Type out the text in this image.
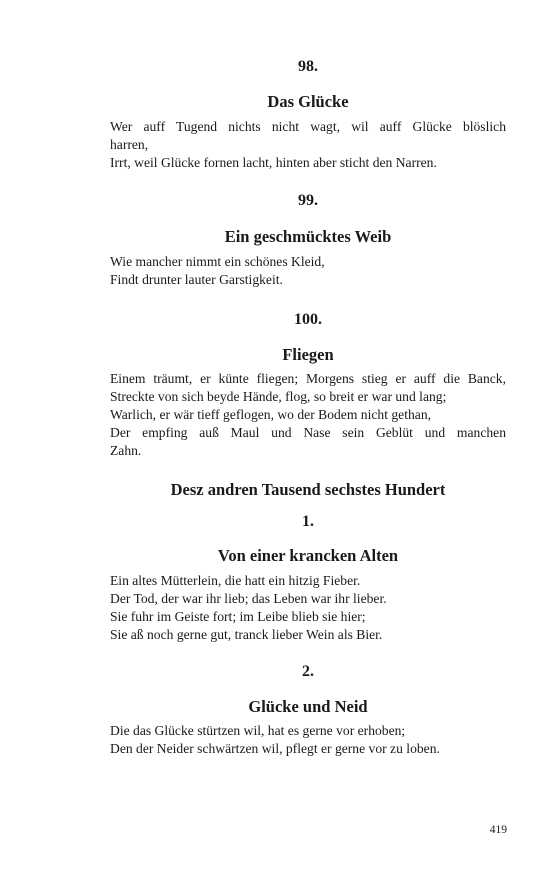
98.
Das Glücke
Wer auff Tugend nichts nicht wagt, wil auff Glücke blöslich
harren,
Irrt, weil Glücke fornen lacht, hinten aber sticht den Narren.
99.
Ein geschmücktes Weib
Wie mancher nimmt ein schönes Kleid,
Findt drunter lauter Garstigkeit.
100.
Fliegen
Einem träumt, er künte fliegen; Morgens stieg er auff die Banck,
Streckte von sich beyde Hände, flog, so breit er war und lang;
Warlich, er wär tieff geflogen, wo der Bodem nicht gethan,
Der empfing auß Maul und Nase sein Geblüt und manchen
Zahn.
Desz andren Tausend sechstes Hundert
1.
Von einer krancken Alten
Ein altes Mütterlein, die hatt ein hitzig Fieber.
Der Tod, der war ihr lieb; das Leben war ihr lieber.
Sie fuhr im Geiste fort; im Leibe blieb sie hier;
Sie aß noch gerne gut, tranck lieber Wein als Bier.
2.
Glücke und Neid
Die das Glücke stürtzen wil, hat es gerne vor erhoben;
Den der Neider schwärtzen wil, pflegt er gerne vor zu loben.
419
